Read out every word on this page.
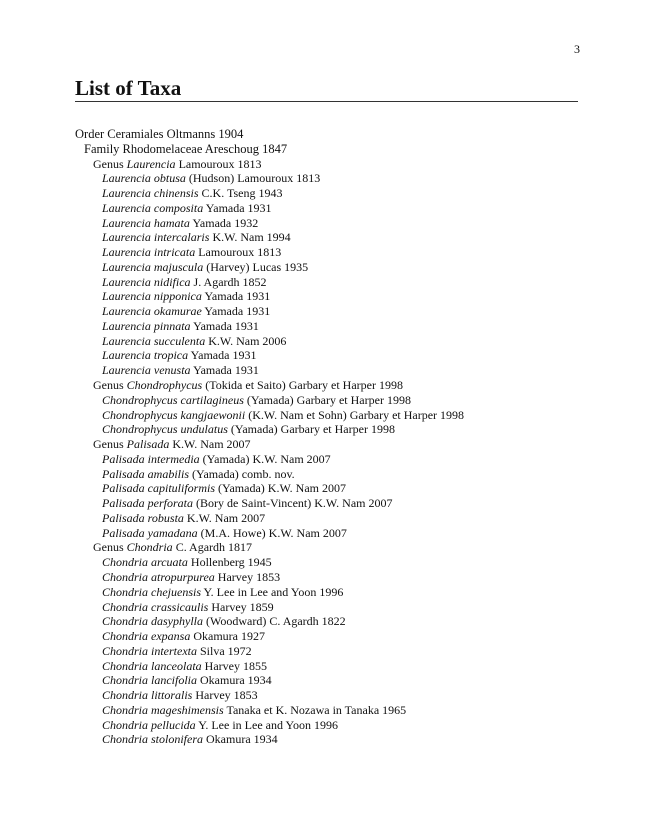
3
List of Taxa
Order Ceramiales Oltmanns 1904
Family Rhodomelaceae Areschoug 1847
Genus Laurencia Lamouroux 1813
Laurencia obtusa (Hudson) Lamouroux 1813
Laurencia chinensis C.K. Tseng 1943
Laurencia composita Yamada 1931
Laurencia hamata Yamada 1932
Laurencia intercalaris K.W. Nam 1994
Laurencia intricata Lamouroux 1813
Laurencia majuscula (Harvey) Lucas 1935
Laurencia nidifica J. Agardh 1852
Laurencia nipponica Yamada 1931
Laurencia okamurae Yamada 1931
Laurencia pinnata Yamada 1931
Laurencia succulenta K.W. Nam 2006
Laurencia tropica Yamada 1931
Laurencia venusta Yamada 1931
Genus Chondrophycus (Tokida et Saito) Garbary et Harper 1998
Chondrophycus cartilagineus (Yamada) Garbary et Harper 1998
Chondrophycus kangjaewonii (K.W. Nam et Sohn) Garbary et Harper 1998
Chondrophycus undulatus (Yamada) Garbary et Harper 1998
Genus Palisada K.W. Nam 2007
Palisada intermedia (Yamada) K.W. Nam 2007
Palisada amabilis (Yamada) comb. nov.
Palisada capituliformis (Yamada) K.W. Nam 2007
Palisada perforata (Bory de Saint-Vincent) K.W. Nam 2007
Palisada robusta K.W. Nam 2007
Palisada yamadana (M.A. Howe) K.W. Nam 2007
Genus Chondria C. Agardh 1817
Chondria arcuata Hollenberg 1945
Chondria atropurpurea Harvey 1853
Chondria chejuensis Y. Lee in Lee and Yoon 1996
Chondria crassicaulis Harvey 1859
Chondria dasyphylla (Woodward) C. Agardh 1822
Chondria expansa Okamura 1927
Chondria intertexta Silva 1972
Chondria lanceolata Harvey 1855
Chondria lancifolia Okamura 1934
Chondria littoralis Harvey 1853
Chondria mageshimensis Tanaka et K. Nozawa in Tanaka 1965
Chondria pellucida Y. Lee in Lee and Yoon 1996
Chondria stolonifera Okamura 1934
